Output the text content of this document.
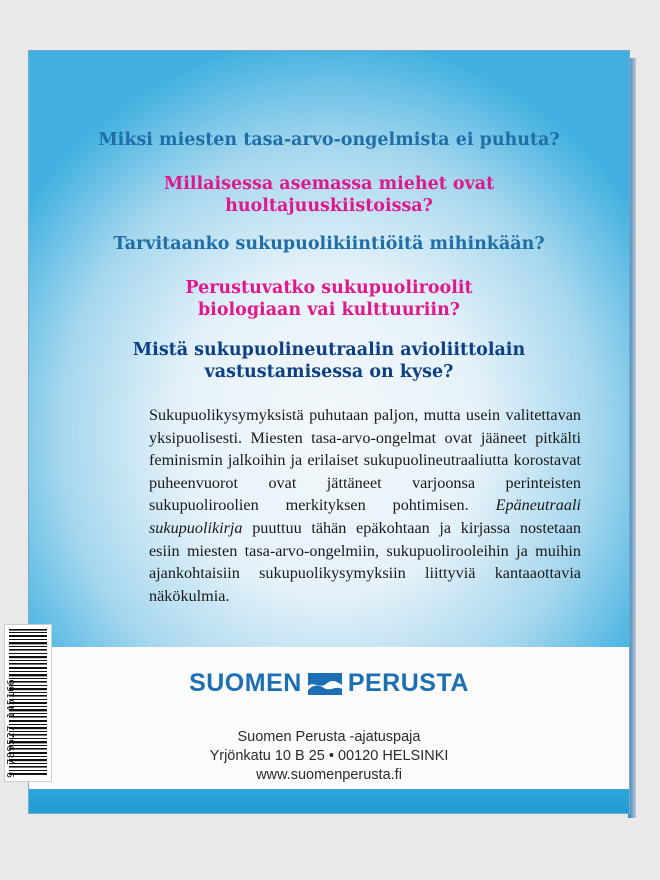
Miksi miesten tasa-arvo-ongelmista ei puhuta?
Millaisessa asemassa miehet ovat
huoltajuuskiistoissa?
Tarvitaanko sukupuolikiintiöitä mihinkään?
Perustuvatko sukupuoliroolit
biologiaan vai kulttuuriin?
Mistä sukupuolineutraalin avioliittolain
vastustamisessa on kyse?
Sukupuolikysymyksistä puhutaan paljon, mutta usein valitettavan yksipuolisesti. Miesten tasa-arvo-ongelmat ovat jääneet pitkälti feminismin jalkoihin ja erilaiset sukupuolineutraaliutta korostavat puheenvuorot ovat jättäneet varjoonsa perinteisten sukupuoliroolien merkityksen pohtimisen. Epäneutraali sukupuolikirja puuttuu tähän epäkohtaan ja kirjassa nostetaan esiin miesten tasa-arvo-ongelmiin, sukupuolirooleihin ja muihin ajankohtaisiin sukupuolikysymyksiin liittyviä kantaaottavia näkökulmia.
SUOMEN PERUSTA
Suomen Perusta -ajatuspaja
Yrjönkatu 10 B 25 • 00120 HELSINKI
www.suomenperusta.fi
9 789527 145166
